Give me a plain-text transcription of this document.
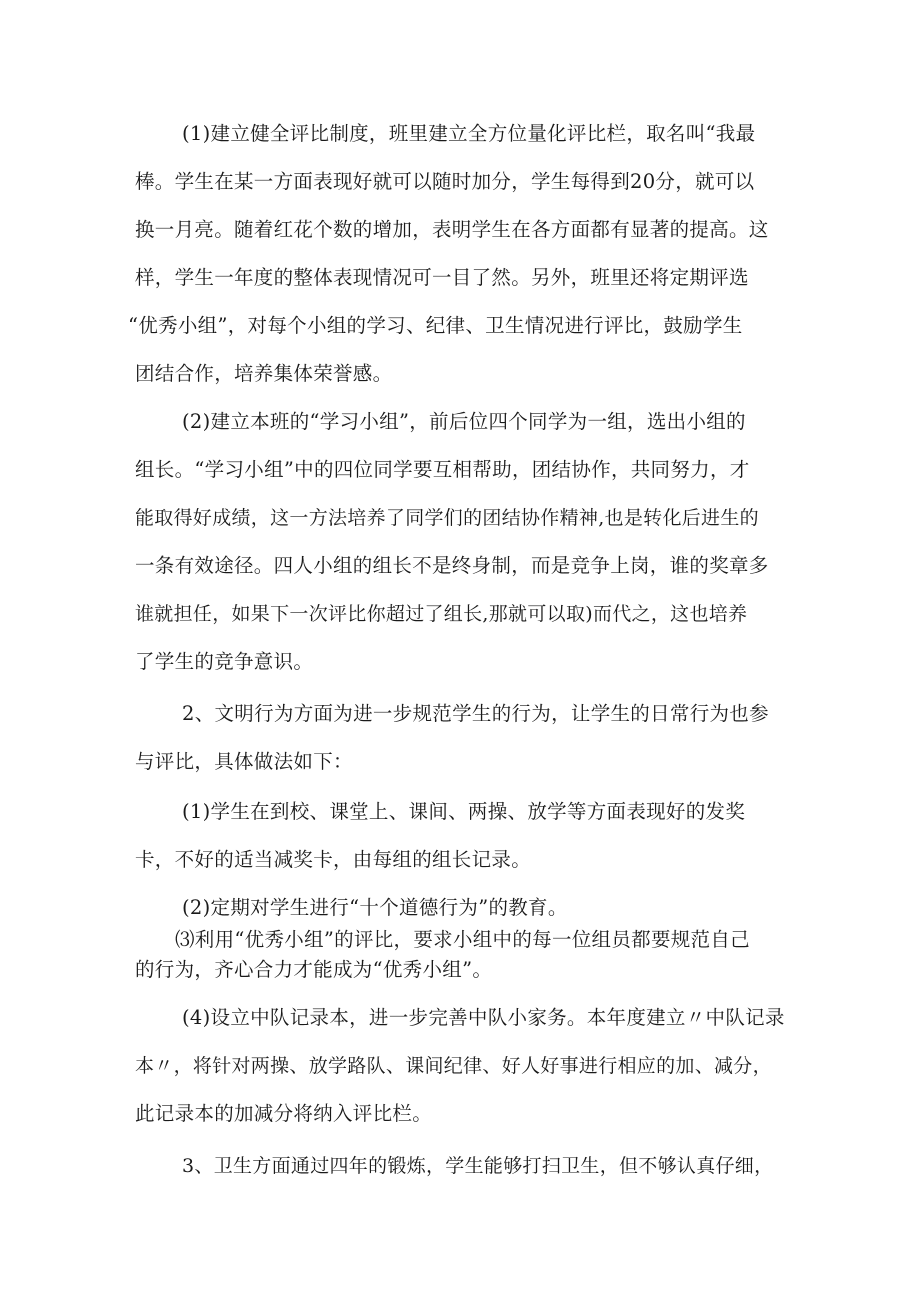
(1)建立健全评比制度，班里建立全方位量化评比栏，取名叫“我最
棒。学生在某一方面表现好就可以随时加分，学生每得到20分，就可以
换一月亮。随着红花个数的增加，表明学生在各方面都有显著的提高。这
样，学生一年度的整体表现情况可一目了然。另外，班里还将定期评选
“优秀小组”，对每个小组的学习、纪律、卫生情况进行评比，鼓励学生
团结合作，培养集体荣誉感。
(2)建立本班的“学习小组”，前后位四个同学为一组，选出小组的
组长。“学习小组”中的四位同学要互相帮助，团结协作，共同努力，才
能取得好成绩，这一方法培养了同学们的团结协作精神,也是转化后进生的
一条有效途径。四人小组的组长不是终身制，而是竞争上岗，谁的奖章多
谁就担任，如果下一次评比你超过了组长,那就可以取)而代之，这也培养
了学生的竞争意识。
2、文明行为方面为进一步规范学生的行为，让学生的日常行为也参
与评比，具体做法如下：
(1)学生在到校、课堂上、课间、两操、放学等方面表现好的发奖
卡，不好的适当减奖卡，由每组的组长记录。
(2)定期对学生进行“十个道德行为”的教育。
⑶利用“优秀小组”的评比，要求小组中的每一位组员都要规范自己
的行为，齐心合力才能成为“优秀小组”。
(4)设立中队记录本，进一步完善中队小家务。本年度建立〃中队记录
本〃，将针对两操、放学路队、课间纪律、好人好事进行相应的加、减分，
此记录本的加减分将纳入评比栏。
3、卫生方面通过四年的锻炼，学生能够打扫卫生，但不够认真仔细，
